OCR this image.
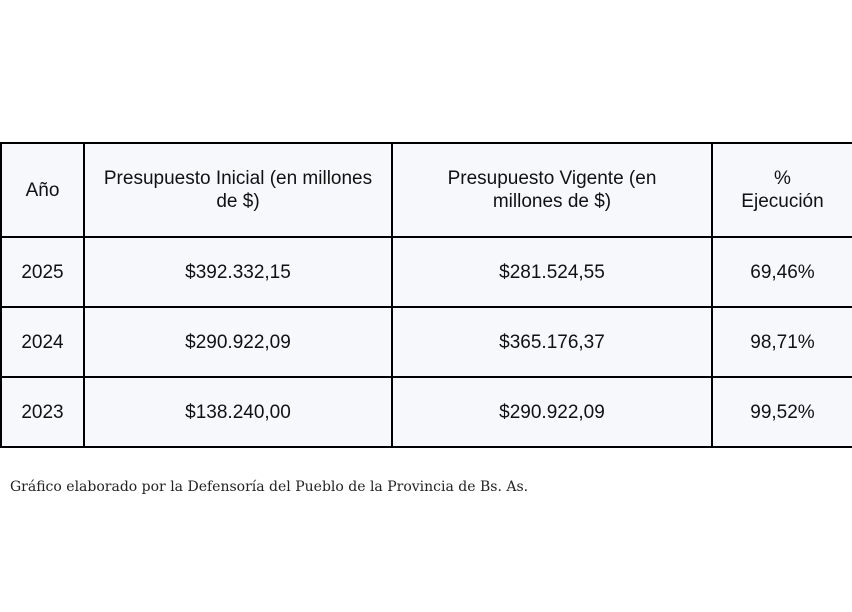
Año	Presupuesto Inicial (en millones de $)	Presupuesto Vigente (en millones de $)	% Ejecución
2025	$392.332,15	$281.524,55	69,46%
2024	$290.922,09	$365.176,37	98,71%
2023	$138.240,00	$290.922,09	99,52%

Gráfico elaborado por la Defensoría del Pueblo de la Provincia de Bs. As.
